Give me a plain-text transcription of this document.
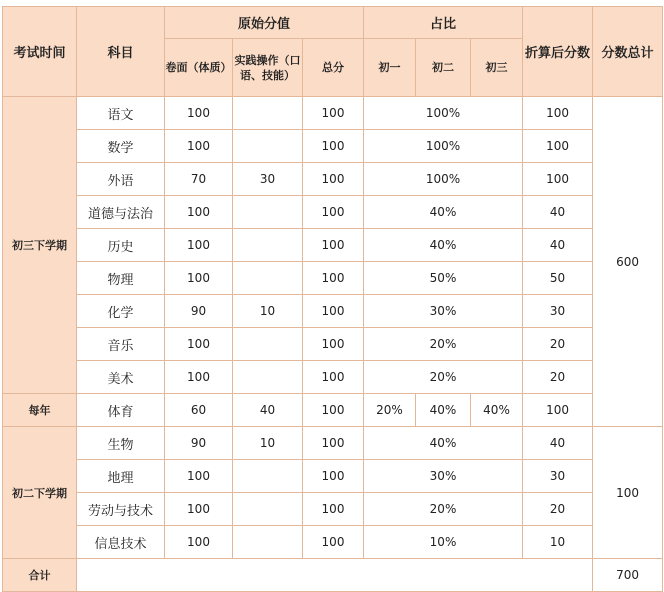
考试时间	科目	原始分值			占比			折算后分数	分数总计
		卷面（体质）	实践操作（口语、技能）	总分	初一	初二	初三		
初三下学期	语文	100		100	100%			100	600
	数学	100		100	100%			100	
	外语	70	30	100	100%			100	
	道德与法治	100		100	40%			40	
	历史	100		100	40%			40	
	物理	100		100	50%			50	
	化学	90	10	100	30%			30	
	音乐	100		100	20%			20	
	美术	100		100	20%			20	
每年	体育	60	40	100	20%	40%	40%	100	
初二下学期	生物	90	10	100	40%			40	100
	地理	100		100	30%			30	
	劳动与技术	100		100	20%			20	
	信息技术	100		100	10%			10	
合计									700
